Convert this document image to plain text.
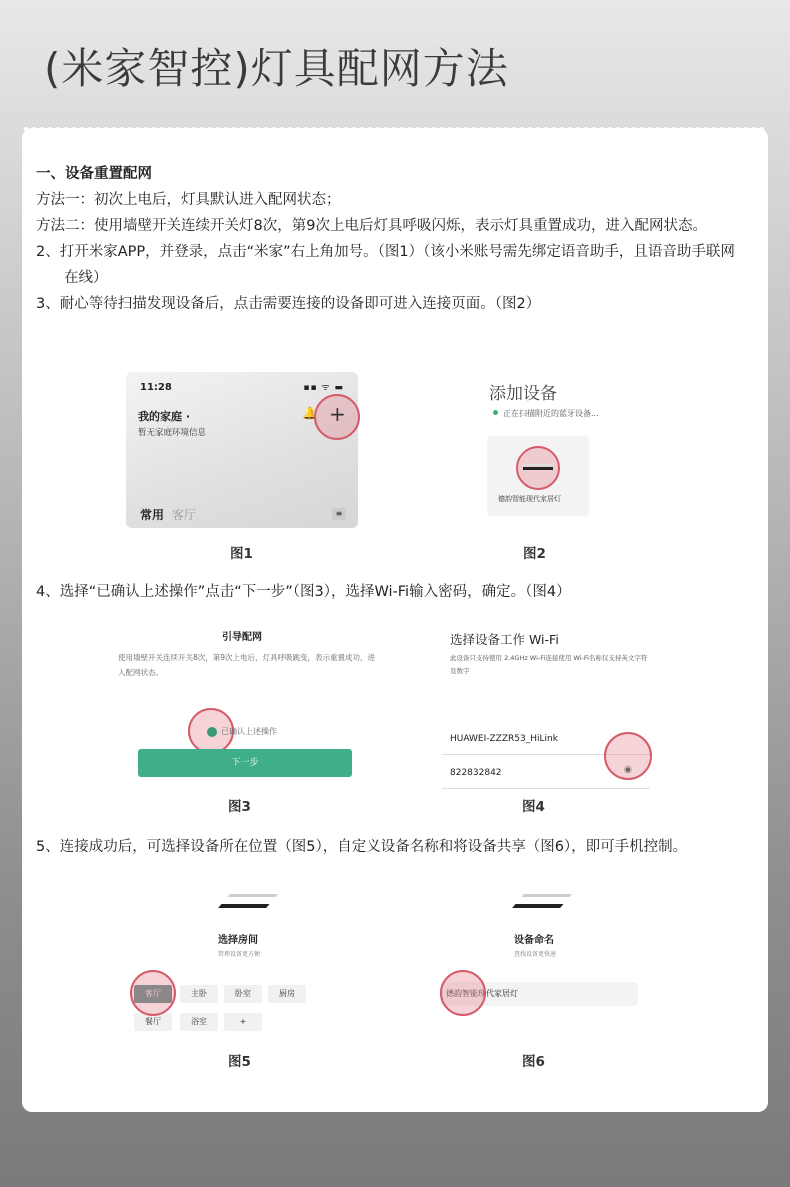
(米家智控)灯具配网方法
一、设备重置配网
方法一：初次上电后，灯具默认进入配网状态；
方法二：使用墙壁开关连续开关灯8次，第9次上电后灯具呼吸闪烁，表示灯具重置成功，进入配网状态。
2、打开米家APP，并登录，点击“米家”右上角加号。（图1）（该小米账号需先绑定语音助手，且语音助手联网在线）
3、耐心等待扫描发现设备后，点击需要连接的设备即可进入连接页面。（图2）
11:28	▪▪ ᯤ ▬
我的家庭 ·
暂无家庭环境信息
🔔
常用 客厅	≡
+
图1
添加设备
正在扫描附近的蓝牙设备...
德韵智能现代家居灯
图2
4、选择“已确认上述操作”点击“下一步”（图3），选择Wi-Fi输入密码，确定。（图4）
引导配网
使用墙壁开关连续开关8次，第9次上电后，灯具呼吸跳变，表示重置成功，进入配网状态。
已确认上述操作
下一步
图3
选择设备工作 Wi-Fi
此设备只支持使用 2.4GHz Wi-Fi连接使用 Wi-Fi名称仅支持英文字符及数字
HUAWEI-ZZZR53_HiLink
822832842	◉
图4
5、连接成功后，可选择设备所在位置（图5），自定义设备名称和将设备共享（图6），即可手机控制。
选择房间
管理设备更方便
客厅	主卧	卧室	厨房
餐厅	浴室	+
图5
设备命名
查找设备更快速
德韵智能现代家居灯
图6
